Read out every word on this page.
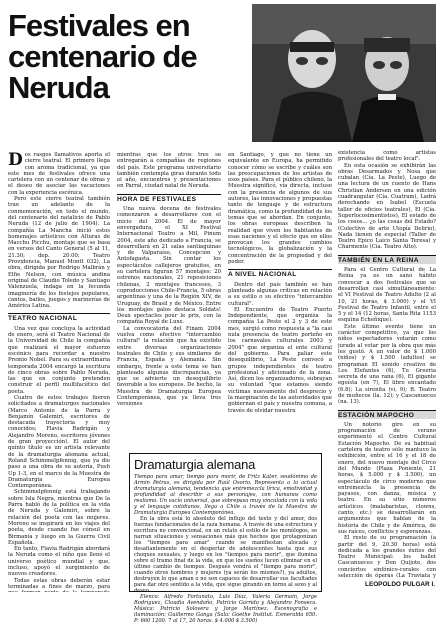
Festivales en centenario de Neruda
D os rasgos llamativos aporta el cierre teatral. El primero llega con aroma tradicional, ya que este mes de festivales ofrece una cartelera con un centenar de obras y el deseo de asociar las vacaciones con la experiencia escénica.

Pero este cierre teatral también trae un adelanto de la conmemoración, en todo el mundo, del centenario del natalicio de Pablo Neruda (12 de julio de 1904). La compañía La Mancha inició estos homenajes artísticos con Alturas de Macchu Picchu, montaje que se basa en versos del Canto General (5 al 11, 21.30; dep. 20.00; Teatro Providencia, Manuel Montt 032). La obra, dirigida por Rodrigo Malbrán y Elfie Nelson, con música andina original de Claudio Toledo y Santiago Valenzuela, indaga en la fecunda imaginería de los festejos populares, cantos, bailes, juegos y marinerías de América Latina.

TEATRO NACIONAL

Una vez que concluya la actividad de enero, será el Teatro Nacional de la Universidad de Chile la compañía que realizará el mayor esfuerzo escénico para recordar a nuestro Premio Nobel. Para su extraordinaria temporada 2004 encargó la escritura de cinco obras sobre Pablo Neruda, las que en conjunto pretenden construir el perfil multifacético del poeta.

Cuatro de estos trabajos fueron solicitados a dramaturgos nacionales (Marco Antonio de la Parra y Benjamín Galemiri, escritores de destacada trayectoria y muy conocidos; Flavia Radrigán y Alejandro Moreno, escritores jóvenes de gran proyección). El autor del quinto título es un artista relevante de la dramaturgia alemana actual, Roland Schimmelpfennig, que ya dio paso a una obra de su autoría, Push Up 1-3, en el marco de la Muestra de Dramaturgia Europea Contemporánea.

Schimmelpfennig está trabajando sobre Isla Negra, mientras que De la Parra habló de la política en la vida de Neruda y Galemiri, sobre la relación del poeta con las mujeres. Moreno se inspirará en los viajes del poeta, desde cuando fue cónsul en Birmania y luego en la Guerra Civil Española.

En tanto, Flavia Radrigán abordará la Neruda como el niño que llenó el universo poético mundial y que, incluso, apoyó el surgimiento de nuevos creadores.

Todas estas obras deberán estar terminadas a fines de marzo, para

mientras que los otros tres se entregarán a compañías de regiones del país. Este programa universitario también contempla giras durante todo el año, encuentros y presentaciones en Parral, ciudad natal de Neruda.

HORA DE FESTIVALES

Una nueva docena de festivales comenzaron a desarrollarse con el inicio del 2004. El de mayor envergadura, el XI Festival Internacional Teatro a Mil, Pinum 2004, este año dedicado a Francia, se desarrollará en 21 salas santiaguinas y de Valparaíso, Concepción y Antofagasta. Sin contar los espectáculos callejeros gratuitos, en su cartelera figuran 57 montajes: 20 estrenos nacionales, 21 reposiciones chilenas, 2 montajes franceses, 3 coproducciones Chile-Francia, 5 obras argentinas y una de la Región XIV, de Uruguay, de Brasil y de México. Entre los montajes galos destaca Soldats! Deux spectacles pour le prix, con la compañía Royal de Luxe.

La convocatoria del Finam 2004 vuelva como efectivo "intercambio cultural" la relación que ha existido entre diversas organizaciones teatrales de Chile y sus similares de Francia, España y Alemania. Sin embargo, frente a este tema se han planteado algunas discrepancias, ya que se advierte un desequilibrio favorable a los europeos. De hecho, la Muestra de Dramaturgia Europea Contemporánea, que ya lleva tres versiones

en Santiago, y que no tiene un equivalente en Europa, ha permitido conocer cómo se escribe y cuáles son las preocupaciones de los artistas de esos países. Para el público chileno, la Muestra significó, vía directa, incluso con la presencia de algunos de sus autores, las innovaciones y propuestas tanto de lenguaje y de estructura dramática, como la profundidad de los temas que se abordan. En conjunto, los obras europeas describen la realidad que viven los habitantes de esas naciones y el efecto que en ellos provocan los grandes cambios tecnológicos, la globalización y la concentración de la propiedad y del poder.

A NIVEL NACIONAL

Dentro del país también se han planteado algunas críticas en relación a su estilo o su efectivo "intercambio cultural".

El Encuentro de Teatro Puerto Independiente, que organiza la compañía La Peste el 2 y 3 de este mes, surgió como respuesta a "la casi nula presencia de teatro porteño en los carnavales culturales 2003 y 2004" que organiza el ente cultural del gobierno. Para paliar este desequilibrio, La Peste convocó a grupos independientes de teatro profesional y aficionado de la zona. Así, dicen los organizadores, subrayan su voluntad "que estamos siendo víctimas nuevamente del desprecio y la marginación de las autoridades que gobiernan el país y nuestra comuna, a través de olvidar nuestra

existencia como artistas profesionales del teatro local".

En esta ocasión se exhibirán las obras Desarmados y Nosa que cubalan (Cía. La Peste), Luego de una lectura de un cuento de Hans Christian Andersen en una edición cuadrangular (Cía. Cuatram), Ladrá derechando en Isabel (Escuela taller de oficios teatrales), El (Cía. Superlocosimentistos), El estado de los cosos... ¿o las cosas del Estado? (Colectivo de arte Utopía Delirio), Nada tienen de especial (Taller de Teatro Epico Laico Santa Teresa) y Charmente (Cía. Teatro Alto).

TAMBIÉN EN LA REINA

Para el Centro Cultural de La Reina ya es un sano hábito convocar a dos festivales que se desarrollan casi simultáneamente: el VI Festival de Teatro Adulto (2 al 10, 21 horas, $ 3.000) y el VI Festival de Teatro Infantil, entre el 5 y el 14 (12 horas, Santa Rita 1153 esquina Echeñique).

Este último evento tiene un carácter competitivo, ya que los niños espectadores votarán como jurado al votar por la obra que más les gustó. A un valor de $ 1.000 (niños) y $ 1.500 (adultos) se programan El sonido creativo de Los Elefantes (6), Tu Greeria secreta de una rana (6), El gigante egoísta (en 7), El libro encantado (6.8); La sirenita (vi, 9); R. Teatro de muñecos (la. 12); y Cascanueces (na. 13).

ESTACIÓN MAPOCHO

Un notorio giro en su programación de verano experimentó el Centro Cultural Estación Mapocho. De su habitual cartelera de teatro sólo mantuvo la exhibición, entre el 16 y el 18 de enero, del nuevo montaje del Circo del Mundo (Plaza Poniente, 21 horas, $ 5.000 y $ 3.500), un espectáculo de circo moderno que entremezcla la presencia de payasos, con danza, música y teatro. En su sitio números artísticos (malabaristas, clowns, canto, etc.) se desarrollarán en argumentos que hablan de la historia de Chile y de América, de sus raíces, conflictos y esperanzas.

El resto de su programación (a partir del 9, 20.30 horas) está dedicada a los grandes éxitos del Teatro Municipal: los ballet Cascanueces y Don Quijote, dos conciertos sinfónico-corales con selección de óperas (La Traviata y

Dramaturgia alemana

Tiempo para amar, tiempo para morir, de Fritz Kater, seudónimo de Armin Petras, es dirigida por Raúl Osorio. Representa a la actual dramaturgia alemana, tendencia que entremezcla lírica, emotividad y profundidad al describir a sus personajes, con humanos como realismo. Un vacío universal, que sobrepasa muy vinculada con la vida y el lenguaje cotidianos, llega a Chile a través de la Muestra de Dramaturgia Europea Contemporánea.

En la obra está lo absoluto del influjo del texto y del amor, dos fuerzas fundacionales de la raza humana. A través de una estructura y escritura no convencional, en un relato el estilo de los monólogos, se narran situaciones y sensaciones más que hechos que protagonizan los "tiempos para amar" cuando se manifiestan alocada y desafiantemente en el despertar de adolescentes hasta que sus choques sexuales, y luego en los "tiempos para morir", que ilumina sobre el tramo final de la vida, en que los sueños lucen eliminar en el último cambio de tiempos. Después vendrá el "tiempo para morir", cuando otros hombres y mujeres (ya serán los mismos?), ya adultos, destruyen lo que aman o no son capaces de desarrollar sus facultades para dar otro sentido a la vida, que sigue girando en torno al sexo y al deseo.

Elenco: Alfredo Fortunato, Luis Díaz, Valeria Germain, Jorge Rodríguez, Claudia Avendaño, Patricio Garrido y Alejandro Fonseca. Música: Patricio Solovera y Jorge Martínez. Escenografía e iluminación: Guillermo Ganga (Sala: Goethe Institut. Esmeralda 650. P: 660 1200. 7 al 17, 20 horas. $ 4.000 $ 3.500)

LEOPOLDO PULGAR I.
